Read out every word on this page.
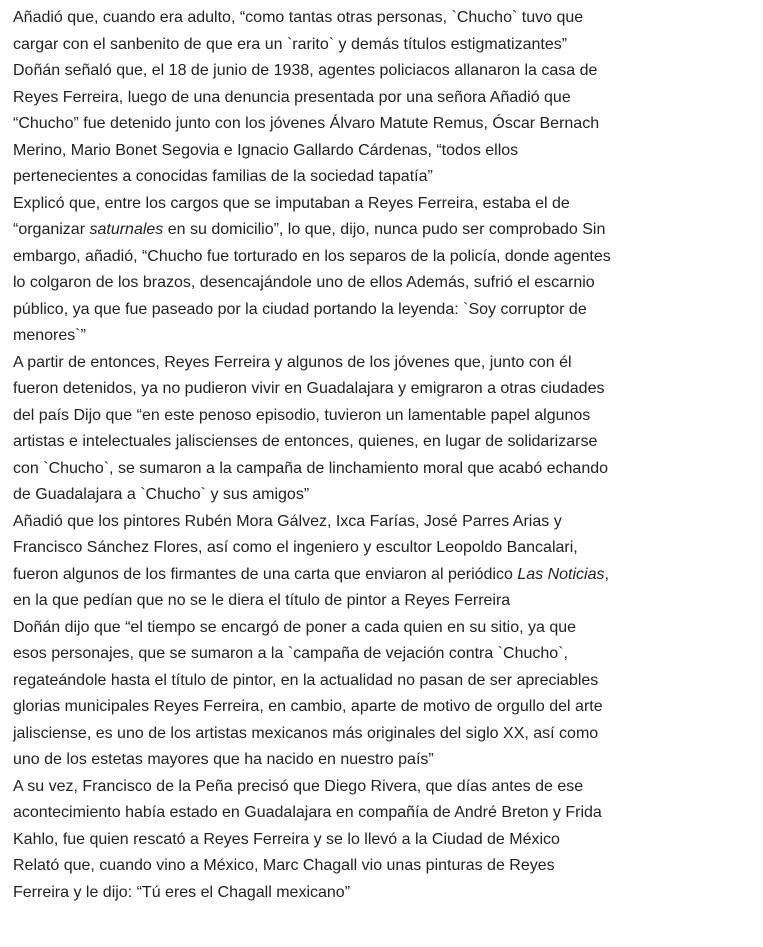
Añadió que, cuando era adulto, “como tantas otras personas, `Chucho` tuvo que cargar con el sanbenito de que era un `rarito` y demás títulos estigmatizantes”

Doñán señaló que, el 18 de junio de 1938, agentes policiacos allanaron la casa de Reyes Ferreira, luego de una denuncia presentada por una señora Añadió que “Chucho” fue detenido junto con los jóvenes Álvaro Matute Remus, Óscar Bernach Merino, Mario Bonet Segovia e Ignacio Gallardo Cárdenas, “todos ellos pertenecientes a conocidas familias de la sociedad tapatía”

Explicó que, entre los cargos que se imputaban a Reyes Ferreira, estaba el de “organizar saturnales en su domicilio”, lo que, dijo, nunca pudo ser comprobado Sin embargo, añadió, “Chucho fue torturado en los separos de la policía, donde agentes lo colgaron de los brazos, desencajándole uno de ellos Además, sufrió el escarnio público, ya que fue paseado por la ciudad portando la leyenda: `Soy corruptor de menores`”

A partir de entonces, Reyes Ferreira y algunos de los jóvenes que, junto con él fueron detenidos, ya no pudieron vivir en Guadalajara y emigraron a otras ciudades del país Dijo que “en este penoso episodio, tuvieron un lamentable papel algunos artistas e intelectuales jaliscienses de entonces, quienes, en lugar de solidarizarse con `Chucho`, se sumaron a la campaña de linchamiento moral que acabó echando de Guadalajara a `Chucho` y sus amigos”

Añadió que los pintores Rubén Mora Gálvez, Ixca Farías, José Parres Arias y Francisco Sánchez Flores, así como el ingeniero y escultor Leopoldo Bancalari, fueron algunos de los firmantes de una carta que enviaron al periódico Las Noticias, en la que pedían que no se le diera el título de pintor a Reyes Ferreira

Doñán dijo que “el tiempo se encargó de poner a cada quien en su sitio, ya que esos personajes, que se sumaron a la `campaña de vejación contra `Chucho`, regateándole hasta el título de pintor, en la actualidad no pasan de ser apreciables glorias municipales Reyes Ferreira, en cambio, aparte de motivo de orgullo del arte jalisciense, es uno de los artistas mexicanos más originales del siglo XX, así como uno de los estetas mayores que ha nacido en nuestro país”

A su vez, Francisco de la Peña precisó que Diego Rivera, que días antes de ese acontecimiento había estado en Guadalajara en compañía de André Breton y Frida Kahlo, fue quien rescató a Reyes Ferreira y se lo llevó a la Ciudad de México

Relató que, cuando vino a México, Marc Chagall vio unas pinturas de Reyes Ferreira y le dijo: “Tú eres el Chagall mexicano”
